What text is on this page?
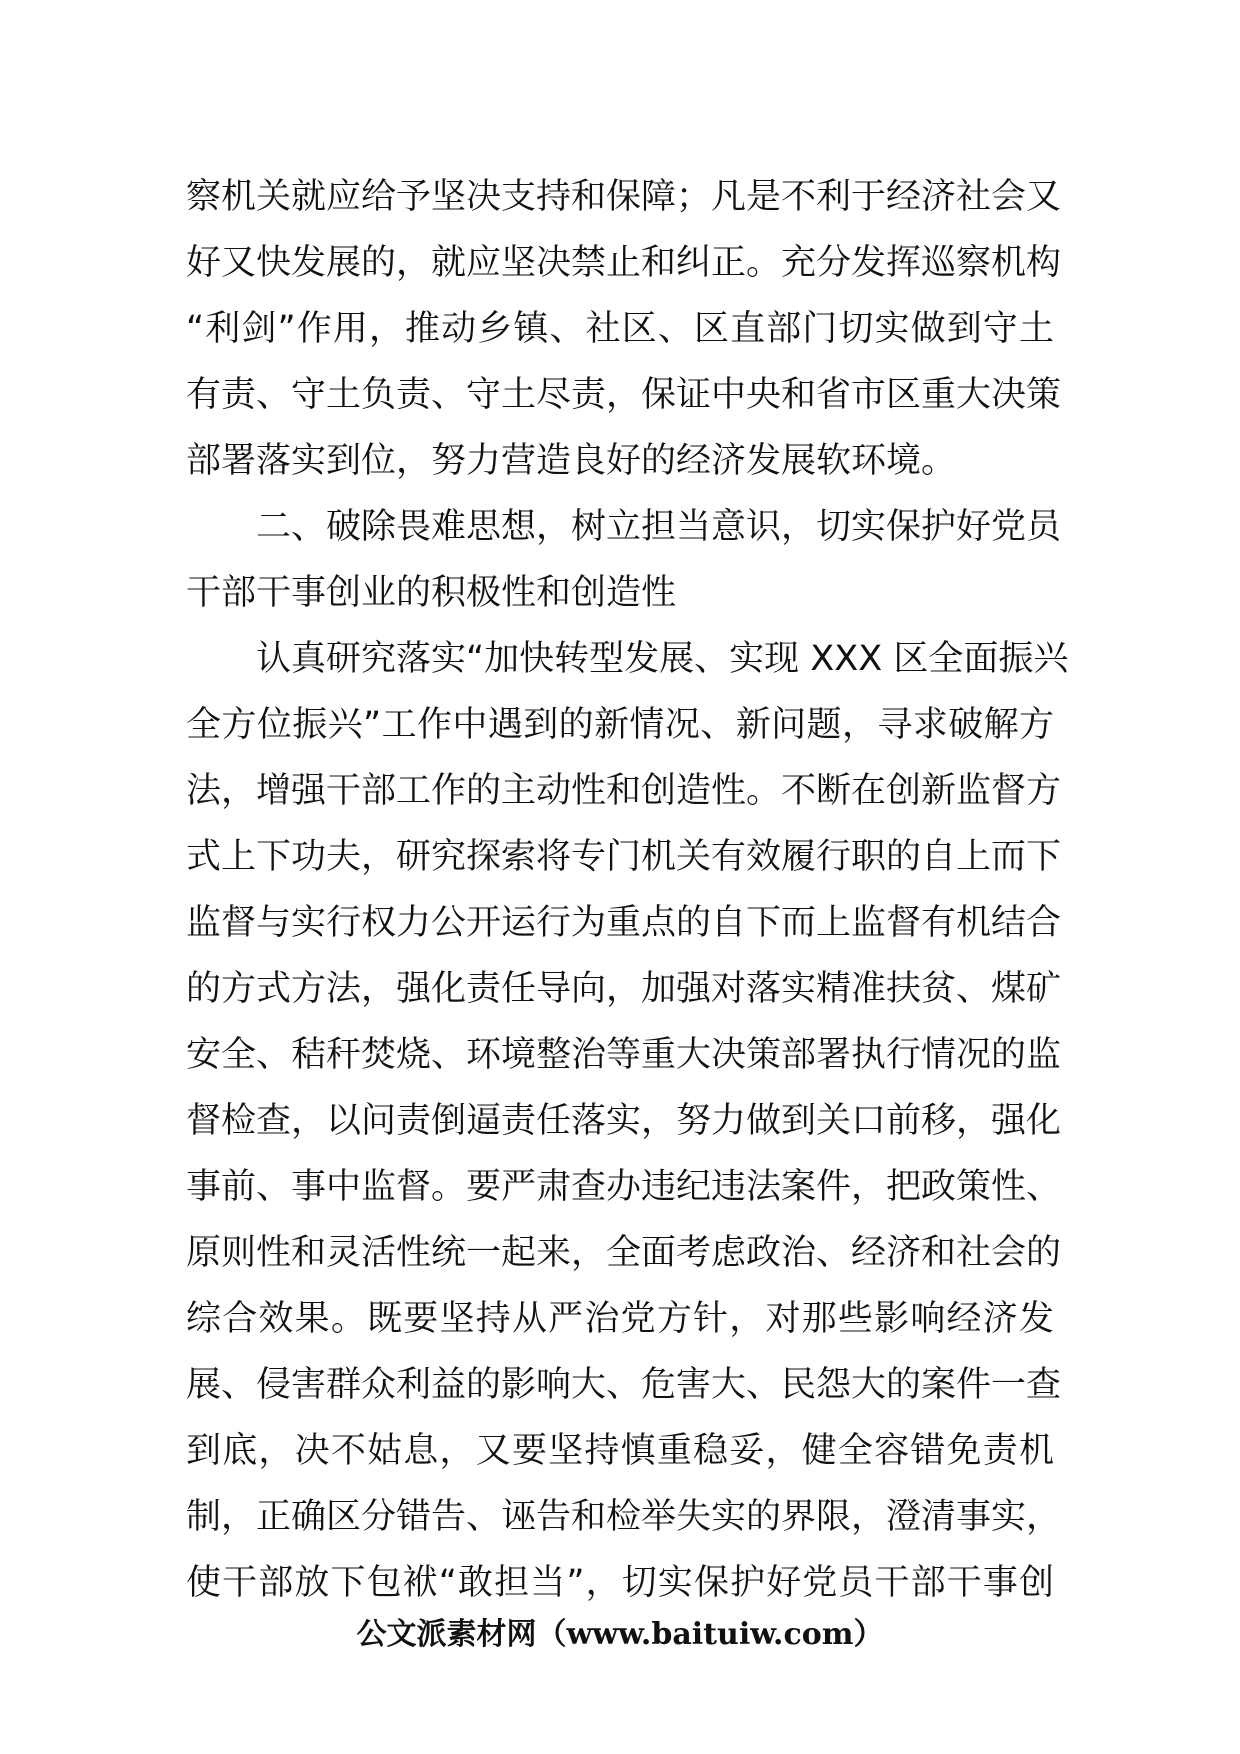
察机关就应给予坚决支持和保障；凡是不利于经济社会又
好又快发展的，就应坚决禁止和纠正。充分发挥巡察机构
“利剑”作用，推动乡镇、社区、区直部门切实做到守土
有责、守土负责、守土尽责，保证中央和省市区重大决策
部署落实到位，努力营造良好的经济发展软环境。
　　二、破除畏难思想，树立担当意识，切实保护好党员
干部干事创业的积极性和创造性
　　认真研究落实“加快转型发展、实现 XXX 区全面振兴
全方位振兴”工作中遇到的新情况、新问题，寻求破解方
法，增强干部工作的主动性和创造性。不断在创新监督方
式上下功夫，研究探索将专门机关有效履行职的自上而下
监督与实行权力公开运行为重点的自下而上监督有机结合
的方式方法，强化责任导向，加强对落实精准扶贫、煤矿
安全、秸秆焚烧、环境整治等重大决策部署执行情况的监
督检查，以问责倒逼责任落实，努力做到关口前移，强化
事前、事中监督。要严肃查办违纪违法案件，把政策性、
原则性和灵活性统一起来，全面考虑政治、经济和社会的
综合效果。既要坚持从严治党方针，对那些影响经济发
展、侵害群众利益的影响大、危害大、民怨大的案件一查
到底，决不姑息，又要坚持慎重稳妥，健全容错免责机
制，正确区分错告、诬告和检举失实的界限，澄清事实，
使干部放下包袱“敢担当”，切实保护好党员干部干事创
公文派素材网（www.baituiw.com）
